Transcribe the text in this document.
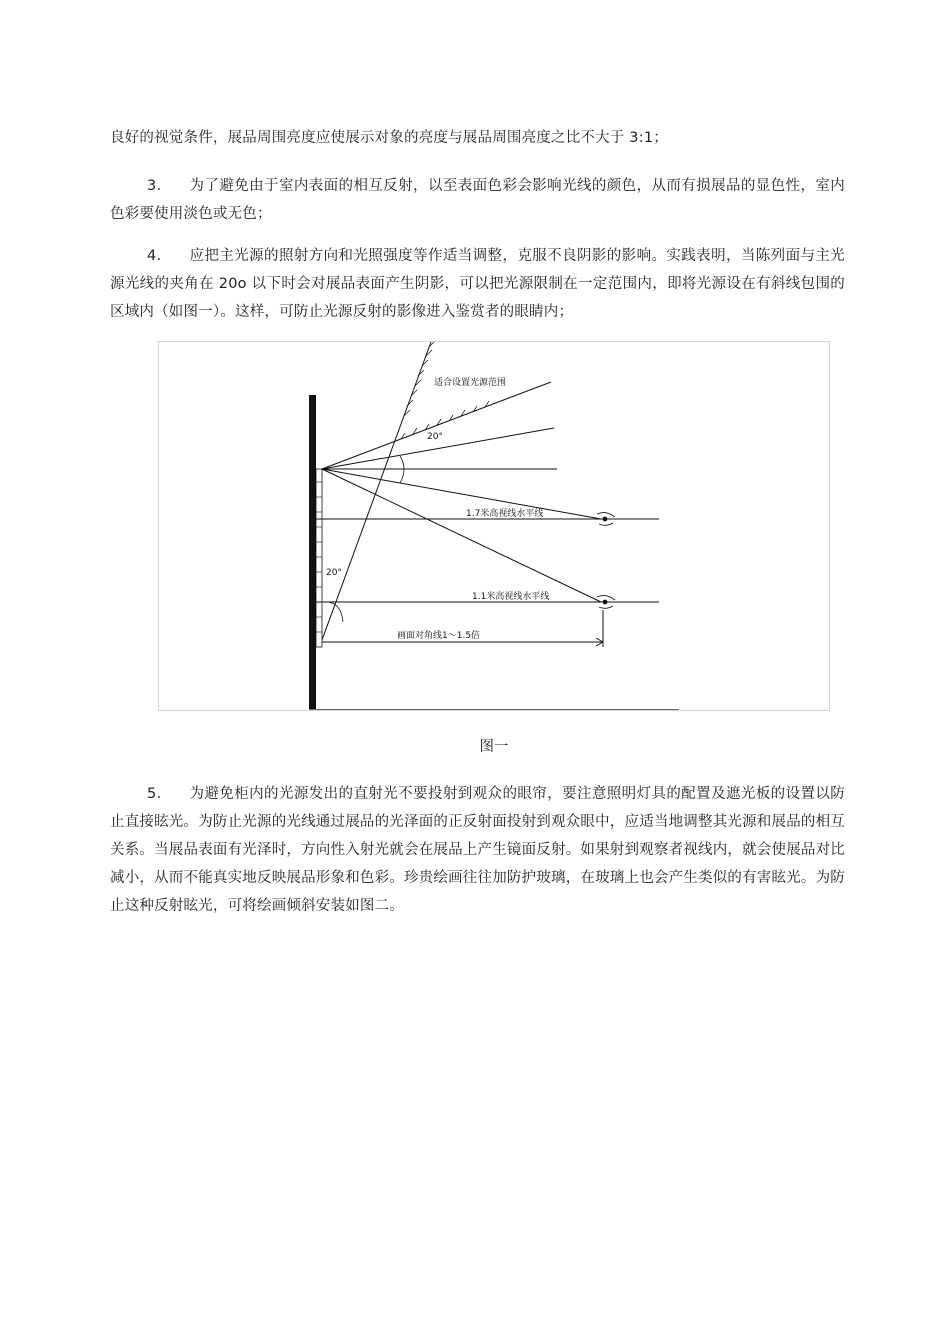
良好的视觉条件，展品周围亮度应使展示对象的亮度与展品周围亮度之比不大于 3:1；

3． 为了避免由于室内表面的相互反射，以至表面色彩会影响光线的颜色，从而有损展品的显色性，室内色彩要使用淡色或无色；

4． 应把主光源的照射方向和光照强度等作适当调整，克服不良阴影的影响。实践表明，当陈列面与主光源光线的夹角在 20o 以下时会对展品表面产生阴影，可以把光源限制在一定范围内，即将光源设在有斜线包围的区域内（如图一）。这样，可防止光源反射的影像进入鉴赏者的眼睛内；

适合设置光源范围
20°
20°
1.7米高视线水平线
1.1米高视线水平线
画面对角线1～1.5倍
图一

5． 为避免柜内的光源发出的直射光不要投射到观众的眼帘，要注意照明灯具的配置及遮光板的设置以防止直接眩光。为防止光源的光线通过展品的光泽面的正反射面投射到观众眼中，应适当地调整其光源和展品的相互关系。当展品表面有光泽时，方向性入射光就会在展品上产生镜面反射。如果射到观察者视线内，就会使展品对比减小，从而不能真实地反映展品形象和色彩。珍贵绘画往往加防护玻璃，在玻璃上也会产生类似的有害眩光。为防止这种反射眩光，可将绘画倾斜安装如图二。
